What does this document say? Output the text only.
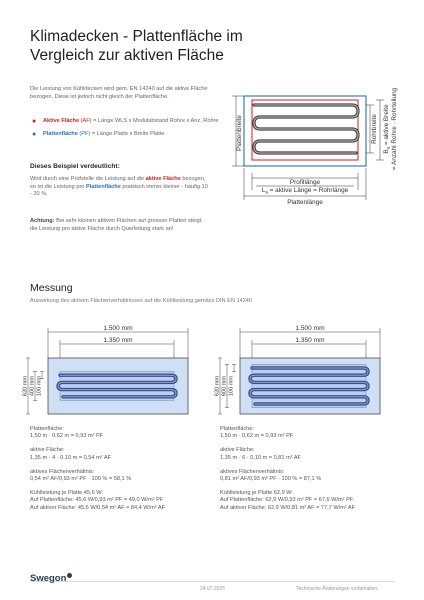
Klimadecken - Plattenfläche im
Vergleich zur aktiven Fläche

Die Leistung von Kühldecken wird gem. EN 14240 auf die aktive Fläche bezogen. Diese ist jedoch nicht gleich der Plattenfläche.

● Aktive Fläche (AF) = Länge WLS x Modulabstand Rohre x Anz. Rohre
● Plattenfläche (PF) = Länge Platte x Breite Platte

Dieses Beispiel verdeutlicht:

Wird durch eine Prüfstelle die Leistung auf die aktive Fläche bezogen, so ist die Leistung pro Plattenfläche praktisch immer kleiner - häufig 10 - 20 %.

Achtung: Bei sehr kleinen aktiven Flächen auf grossen Platten steigt die Leistung pro aktive Fläche durch Querleitung stark an!

Plattenbreite	Rohrbreite
$B_a$ = aktive Breite = Anzahl Rohre · Rohrteilung
Profillänge
$L_a$ = aktive Länge = Rohrlänge
Plattenlänge
Messung

Auswirkung des aktiven Flächenverhältnisses auf die Kühlleistung gemäss DIN EN 14240

1.500 mm
1.350 mm
620 mm 400 mm 100 mm
1.500 mm
1.350 mm
620 mm 600 mm 100 mm

Plattenfläche:

1,50 m · 0,62 m = 0,93 m² PF

aktive Fläche:

1,35 m · 4 · 0,10 m = 0,54 m² AF

aktives Flächenverhältnis:

0,54 m² AF/0,93 m² PF · 100 % = 58,1 %

Kühlleistung je Platte 45,6 W:

Auf Plattenfläche: 45,6 W/0,93 m² PF = 49,0 W/m² PF

Auf aktiver Fläche: 45,6 W/0,54 m² AF = 84,4 W/m² AF

Plattenfläche:

1,50 m · 0,62 m = 0,93 m² PF

aktive Fläche:

1,35 m · 6 · 0,10 m = 0,81 m² AF

aktives Flächenverhältnis:

0,81 m² AF/0,93 m² PF · 100 % = 87,1 %

Kühlleistung je Platte 62,9 W:

Auf Plattenfläche: 62,9 W/0,93 m² PF = 67,6 W/m² PF

Auf aktiver Fläche: 62,9 W/0,81 m² AF = 77,7 W/m² AF

Swegon
24.07.2025	Technische Änderungen vorbehalten.
